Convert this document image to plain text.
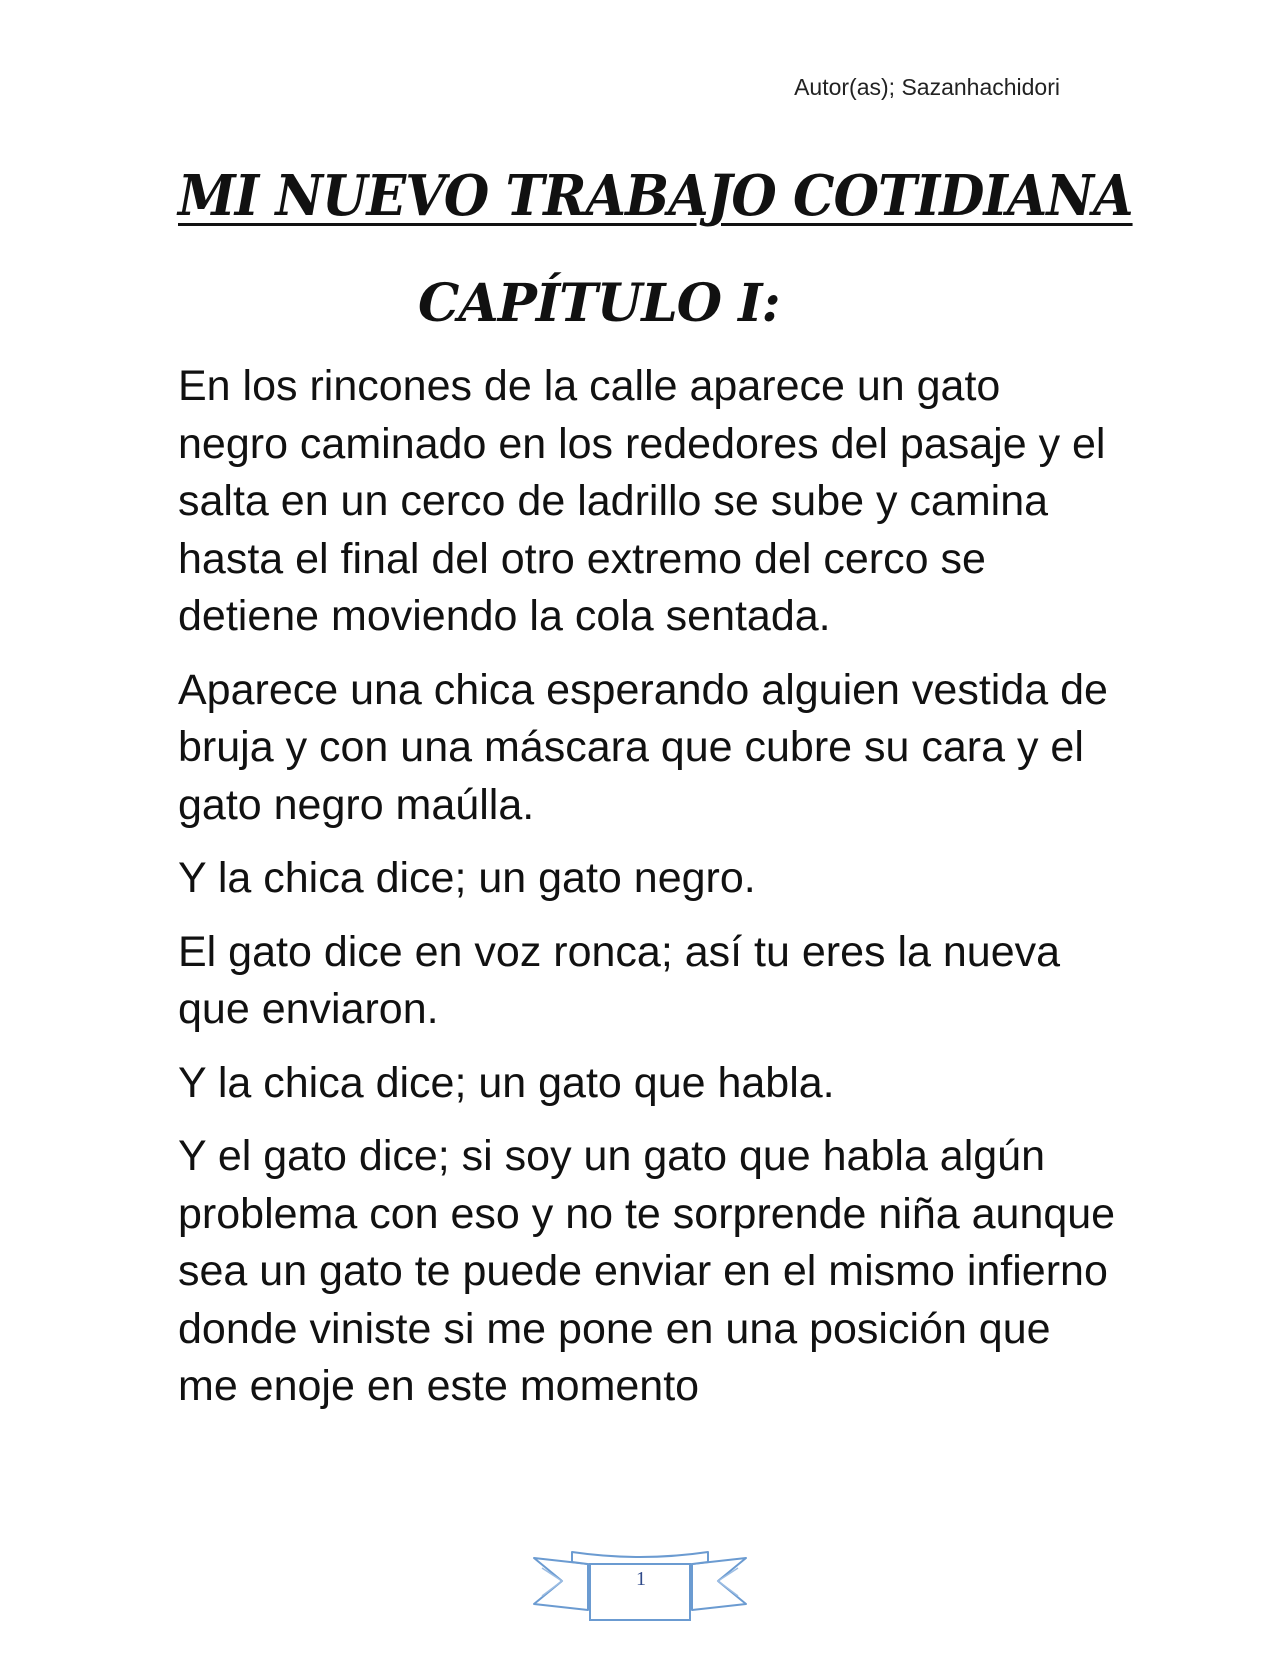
Autor(as); Sazanhachidori
MI NUEVO TRABAJO COTIDIANA
CAPÍTULO I:

En los rincones de la calle aparece un gato negro caminado en los rededores del pasaje y el salta en un cerco de ladrillo se sube y camina hasta el final del otro extremo del cerco se detiene moviendo la cola sentada.

Aparece una chica esperando alguien vestida de bruja y con una máscara que cubre su cara y el gato negro maúlla.

Y la chica dice; un gato negro.

El gato dice en voz ronca; así tu eres la nueva que enviaron.

Y la chica dice; un gato que habla.

Y el gato dice; si soy un gato que habla algún problema con eso y no te sorprende niña aunque sea un gato te puede enviar en el mismo infierno donde viniste si me pone en una posición que me enoje en este momento

1
